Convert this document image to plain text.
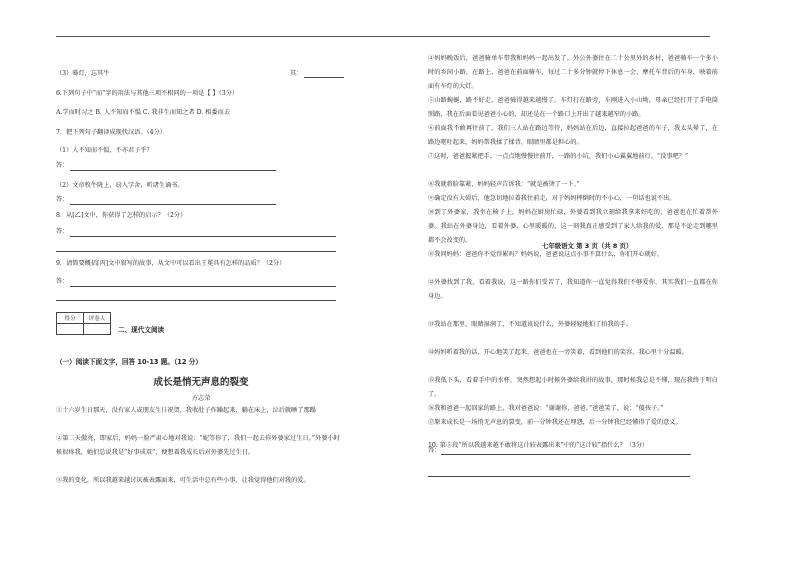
（3）蓦灯，忘其牛	其：
6.下列句子中“而”字的用法与其他三项不相同的一项是【 】（3分）
A.学而时习之 B. 人不知而不愠 C. 我非生而知之者 D. 相委而去
7．把下列句子翻译成现代汉语。（4分）
（1）人不知而不愠，不亦君子乎？
答：
（2）文帝牧牛陇上，窃入学舍，听诸生诵书。
答：
8．从[乙]文中，你获得了怎样的启示？（2分）
答：
9．请简要概括[丙]文中叙写的故事，从文中可以看出王冕具有怎样的品质？（2分）
答：
得分	评卷人

二、现代文阅读
（一）阅读下面文字，回答 10-13 题。（12 分）
成长是悄无声息的裂变
方志荣
①十六岁生日那天，没有家人或朋友生日祝贺，我收肚子作躁起来，躺在床上，泣后就睡了那蹋
②第二天傲亮，即家后，妈妈一脸严肃心地对我说：“妮等你了，我们一起去你外婆家过生日。”外婆小时候很疼我，她们总说我是“好事成双”，便想着我成长后对外婆先过生日。
③我的变化，所以我越来越讨厌被表露面来，可生活中总有些小事，让我觉得他们对我的爱。
④妈妈晚饭后，爸爸骑单车带我和妈妈一起出发了。外公外婆住在二十公里外的乡村，爸爸骑车一个多小时的乡间小路，在路上，爸爸在前面骑车，每过二十多分钟就停下休息一会，摩托车背后的车身，映着前面有车灯的大灯。
⑤山路蜿蜒，路不好走，爸爸骑得越来越慢了。车灯打在路旁，车刚进入小山坳，母亲已经打开了手电筒照路，我在后面看见爸爸小心的，却还是在一个路口上开出了越来越窄的小路。
⑥前面我不敢再往前了，我们三人站在路边等待，妈妈站在后边，直接拉起爸爸的车子，我太头晕了，在路边呕吐起来，妈妈帮我揉了揉背，眼睛里都是担心的。
⑦这时，爸爸握紧把手，一点点地慢慢往前开，一路的小坑，我们小心翼翼地前行。“没事吧？”
⑧我就将脸靠紧，妈妈轻声告诉我：“就是被烫了一下。”
⑨确定没有大碍后，他急切地拉着我往前走，对于妈妈摔倒时的不小心，一句话也说不出。
⑩到了外婆家，我坐在椅子上，妈妈在厨房忙碌，外婆看到我立刻给我拿来好吃的，爸爸也在忙着帮外婆。我站在外婆身边，看着外婆，心里暖暖的，这一刻我真正感受到了家人给我的爱，那是不论走到哪里都不会改变的。
⑪我问妈妈：爸爸你不觉得累吗？妈妈说，爸爸说这点小事不算什么，你们开心就好。
⑫外婆找到了我，看着我说，这一路你们受苦了，我知道你一直觉得我们不够爱你，其实我们一直都在你身边。
⑬我站在那里，眼睛湿润了，不知道该说什么，外婆轻轻地拍了拍我的手。
⑭妈妈听着我的话，开心地笑了起来，爸爸也在一旁笑着，看到他们的笑容，我心里十分温暖。
⑮我低下头，看着手中的水杯，突然想起小时候外婆给我讲的故事，那时候我总是不懂，现在我终于明白了。
⑯我和爸爸一起回家的路上，我对爸爸说：“谢谢你，爸爸。”爸爸笑了，说：“傻孩子。”
⑰原来成长是一场悄无声息的裂变，前一分钟我还在埋怨，后一分钟我已经懂得了爱的意义。
七年级语文 第 3 页（共 8 页）
10. 第⑤段“所以我越来越不敢将这计较表露出来”中的“这计较”指什么？（3分）
答：
